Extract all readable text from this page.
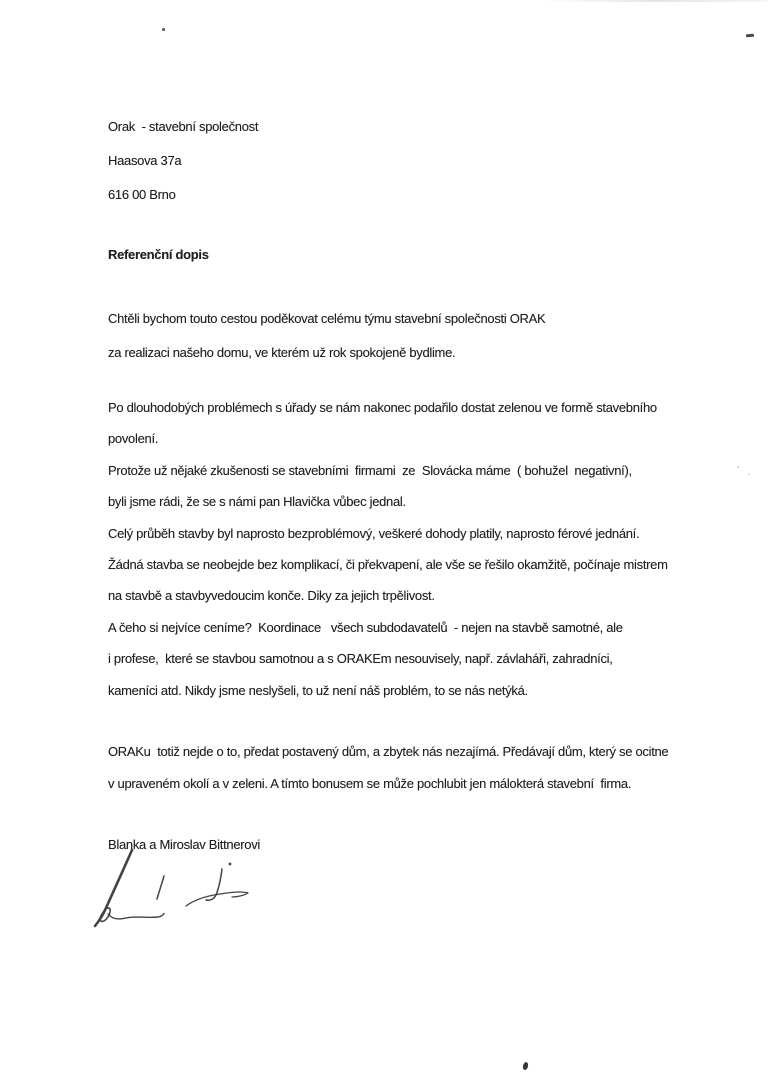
Orak  - stavební společnost
Haasova 37a
616 00 Brno
Referenční dopis
Chtěli bychom touto cestou poděkovat celému týmu stavební společnosti ORAK
za realizaci našeho domu, ve kterém už rok spokojeně bydlime.
Po dlouhodobých problémech s úřady se nám nakonec podařilo dostat zelenou ve formě stavebního
povolení.
Protože už nějaké zkušenosti se stavebními  firmami  ze  Slovácka máme  ( bohužel  negativní),
byli jsme rádi, že se s námi pan Hlavička vůbec jednal.
Celý průběh stavby byl naprosto bezproblémový, veškeré dohody platily, naprosto férové jednání.
Žádná stavba se neobejde bez komplikací, či překvapení, ale vše se řešilo okamžitě, počínaje mistrem
na stavbě a stavbyvedoucim konče. Diky za jejich trpělivost.
A čeho si nejvíce ceníme?  Koordinace   všech subdodavatelů  - nejen na stavbě samotné, ale
i profese,  které se stavbou samotnou a s ORAKEm nesouvisely, např. závlaháři, zahradníci,
kameníci atd. Nikdy jsme neslyšeli, to už není náš problém, to se nás netýká.
ORAKu  totiž nejde o to, předat postavený dům, a zbytek nás nezajímá. Předávají dům, který se ocitne
v upraveném okolí a v zeleni. A tímto bonusem se může pochlubit jen málokterá stavební  firma.
Blanka a Miroslav Bittnerovi
